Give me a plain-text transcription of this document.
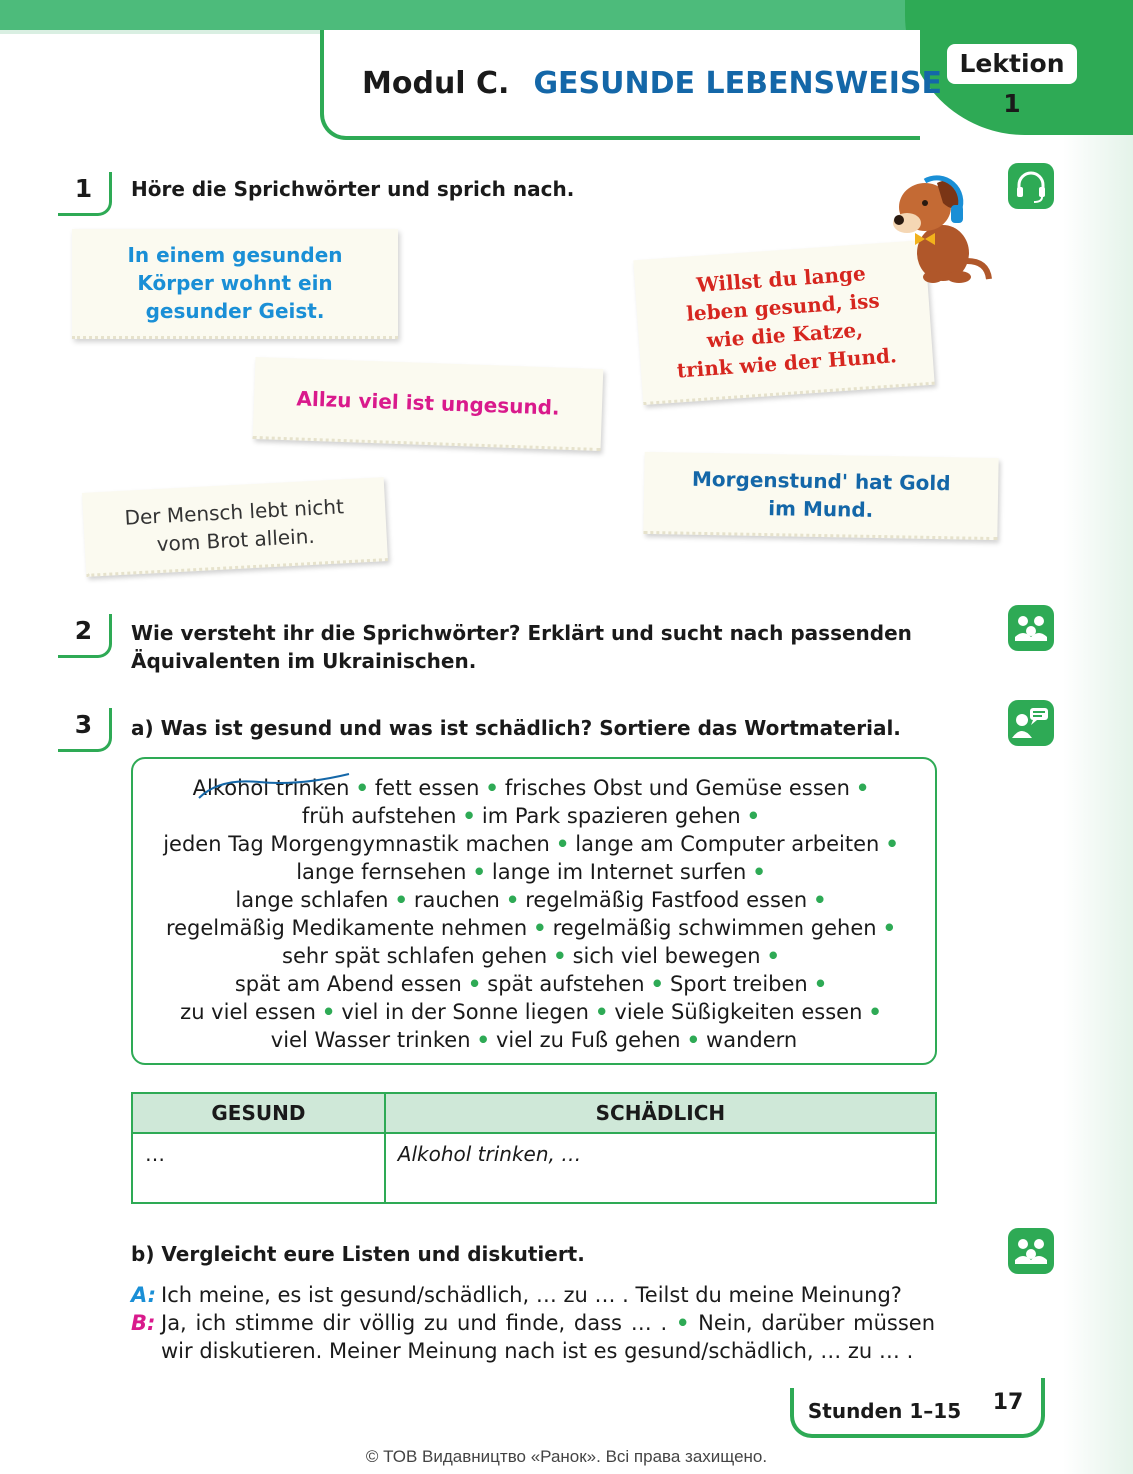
Modul C. GESUNDE LEBENSWEISE
Lektion 1
1	Höre die Sprichwörter und sprich nach.
In einem gesunden
Körper wohnt ein
gesunder Geist.
Willst du lange
leben gesund, iss
wie die Katze,
trink wie der Hund.
Allzu viel ist ungesund.
Morgenstund' hat Gold
im Mund.
Der Mensch lebt nicht
vom Brot allein.
2	Wie versteht ihr die Sprichwörter? Erklärt und sucht nach passenden
Äquivalenten im Ukrainischen.
3	a) Was ist gesund und was ist schädlich? Sortiere das Wortmaterial.
Alkohol trinken • fett essen • frisches Obst und Gemüse essen •
früh aufstehen • im Park spazieren gehen •
jeden Tag Morgengymnastik machen • lange am Computer arbeiten •
lange fernsehen • lange im Internet surfen •
lange schlafen • rauchen • regelmäßig Fastfood essen •
regelmäßig Medikamente nehmen • regelmäßig schwimmen gehen •
sehr spät schlafen gehen • sich viel bewegen •
spät am Abend essen • spät aufstehen • Sport treiben •
zu viel essen • viel in der Sonne liegen • viele Süßigkeiten essen •
viel Wasser trinken • viel zu Fuß gehen • wandern
GESUND	SCHÄDLICH
…	Alkohol trinken, …
b) Vergleicht eure Listen und diskutiert.
A: Ich meine, es ist gesund/schädlich, … zu … . Teilst du meine Meinung?
B: Ja, ich stimme dir völlig zu und finde, dass … . • Nein, darüber müssen wir diskutieren. Meiner Meinung nach ist es gesund/schädlich, … zu … .
Stunden 1–15	17
© ТОВ Видавництво «Ранок». Всі права захищено.
